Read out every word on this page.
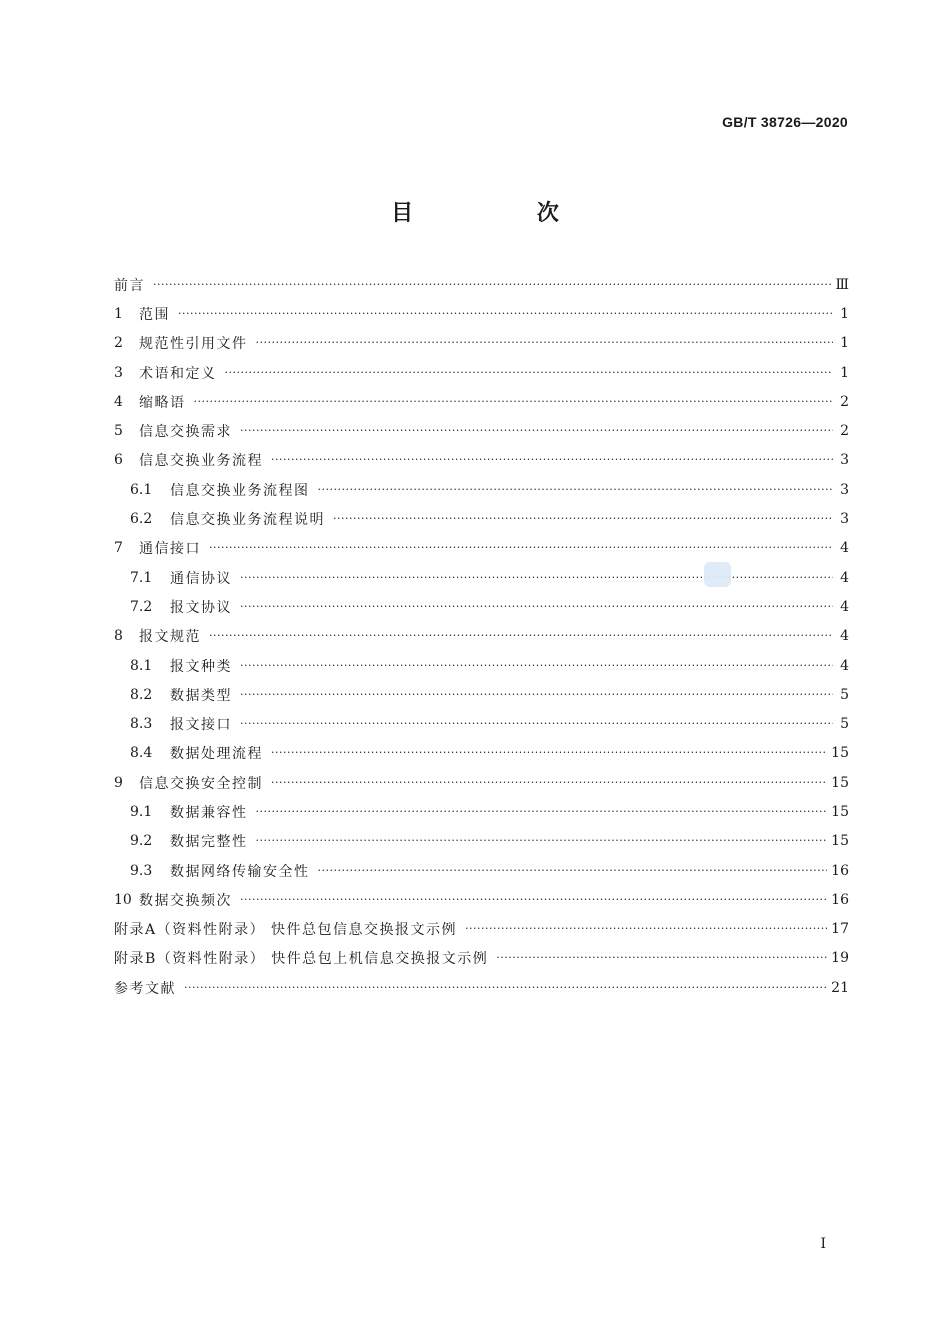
GB/T 38726—2020
目 次
前言 ·····	Ⅲ
1	范围 ·····	1
2	规范性引用文件 ·····	1
3	术语和定义 ·····	1
4	缩略语 ·····	2
5	信息交换需求 ·····	2
6	信息交换业务流程 ·····	3
6.1	信息交换业务流程图 ·····	3
6.2	信息交换业务流程说明 ·····	3
7	通信接口 ·····	4
7.1	通信协议 ·····	4
7.2	报文协议 ·····	4
8	报文规范 ·····	4
8.1	报文种类 ·····	4
8.2	数据类型 ·····	5
8.3	报文接口 ·····	5
8.4	数据处理流程 ·····	15
9	信息交换安全控制 ·····	15
9.1	数据兼容性 ·····	15
9.2	数据完整性 ·····	15
9.3	数据网络传输安全性 ·····	16
10 数据交换频次 ·····	16
附录A（资料性附录） 快件总包信息交换报文示例 ·····	17
附录B（资料性附录） 快件总包上机信息交换报文示例 ·····	19
参考文献 ·····	21
Ⅰ
